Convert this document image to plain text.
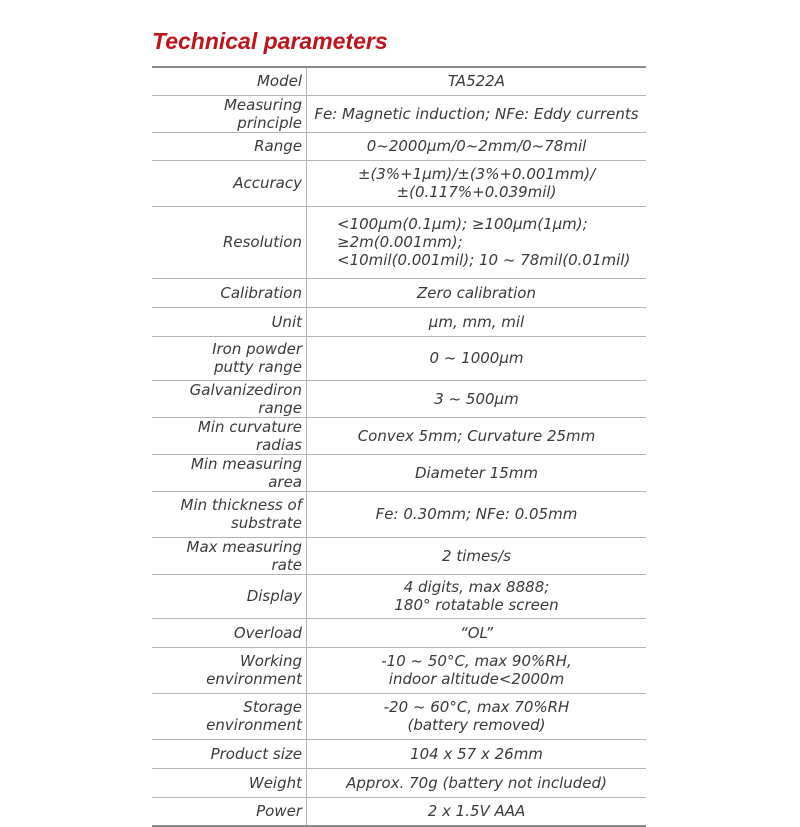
Technical parameters
Model	TA522A

Measuring principle	Fe: Magnetic induction; NFe: Eddy currents

Range	0~2000μm/0~2mm/0~78mil

Accuracy	±(3%+1μm)/±(3%+0.001mm)/
±(0.117%+0.039mil)

Resolution	<100μm(0.1μm); ≥100μm(1μm);
≥2m(0.001mm);
<10mil(0.001mil); 10 ~ 78mil(0.01mil)

Calibration	Zero calibration

Unit	μm, mm, mil

Iron powder
putty range	0 ~ 1000μm

Galvanizediron range	3 ~ 500μm

Min curvature radias	Convex 5mm; Curvature 25mm

Min measuring area	Diameter 15mm

Min thickness of
substrate	Fe: 0.30mm; NFe: 0.05mm

Max measuring rate	2 times/s

Display	4 digits, max 8888;
180° rotatable screen

Overload	“OL”

Working
environment	-10 ~ 50°C, max 90%RH,
indoor altitude<2000m

Storage
environment	-20 ~ 60°C, max 70%RH
(battery removed)

Product size	104 x 57 x 26mm

Weight	Approx. 70g (battery not included)

Power	2 x 1.5V AAA
